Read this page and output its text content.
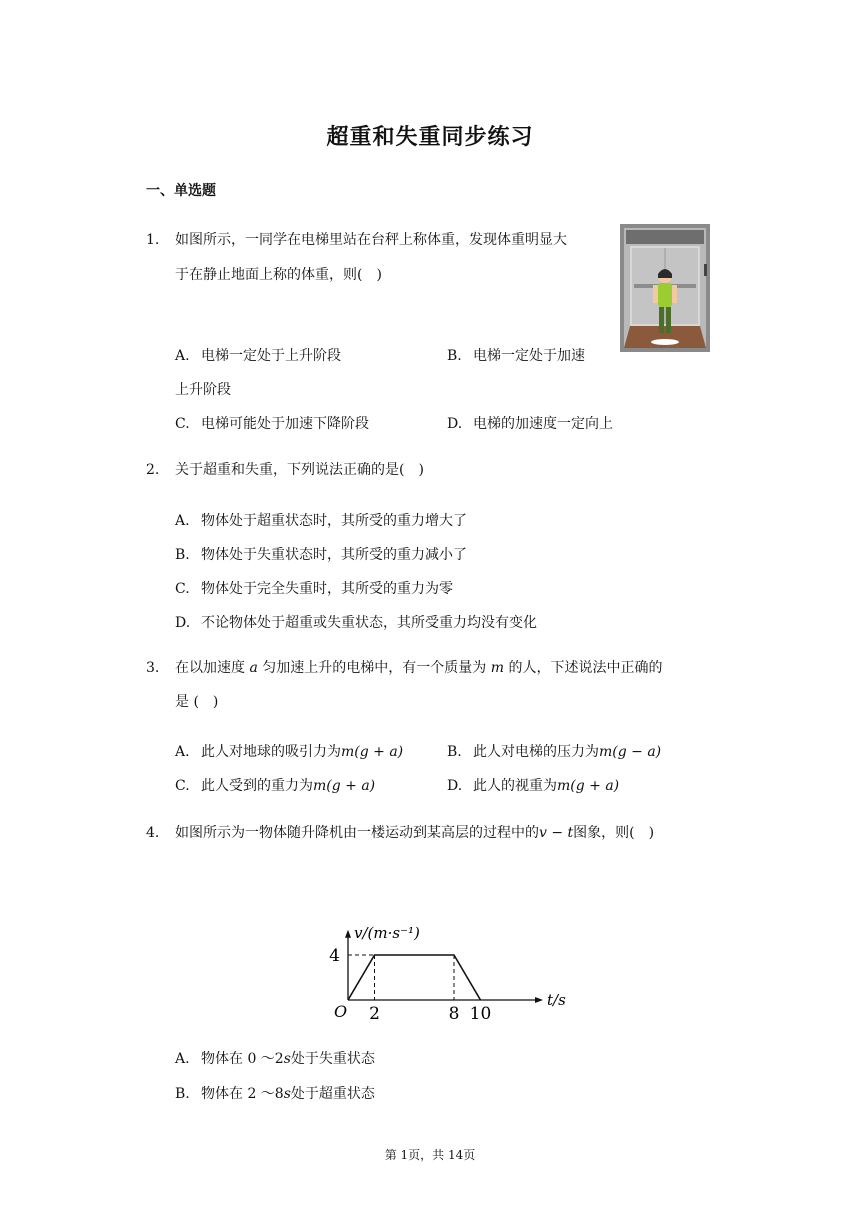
超重和失重同步练习
一、单选题
1. 如图所示，一同学在电梯里站在台秤上称体重，发现体重明显大
于在静止地面上称的体重，则(　)
A. 电梯一定处于上升阶段	B. 电梯一定处于加速
上升阶段
C. 电梯可能处于加速下降阶段	D. 电梯的加速度一定向上
2. 关于超重和失重，下列说法正确的是(　)
A. 物体处于超重状态时，其所受的重力增大了
B. 物体处于失重状态时，其所受的重力减小了
C. 物体处于完全失重时，其所受的重力为零
D. 不论物体处于超重或失重状态，其所受重力均没有变化
3. 在以加速度 a 匀加速上升的电梯中，有一个质量为 m 的人，下述说法中正确的
是 (　)
A. 此人对地球的吸引力为m(g + a)	B. 此人对电梯的压力为m(g − a)
C. 此人受到的重力为m(g + a)	D. 此人的视重为m(g + a)
4. 如图所示为一物体随升降机由一楼运动到某高层的过程中的v − t图象，则(　)
v/(m·s⁻¹)
t/s
O 2	8 10
4
A. 物体在 0 ～2s处于失重状态
B. 物体在 2 ～8s处于超重状态
第 1页，共 14页
